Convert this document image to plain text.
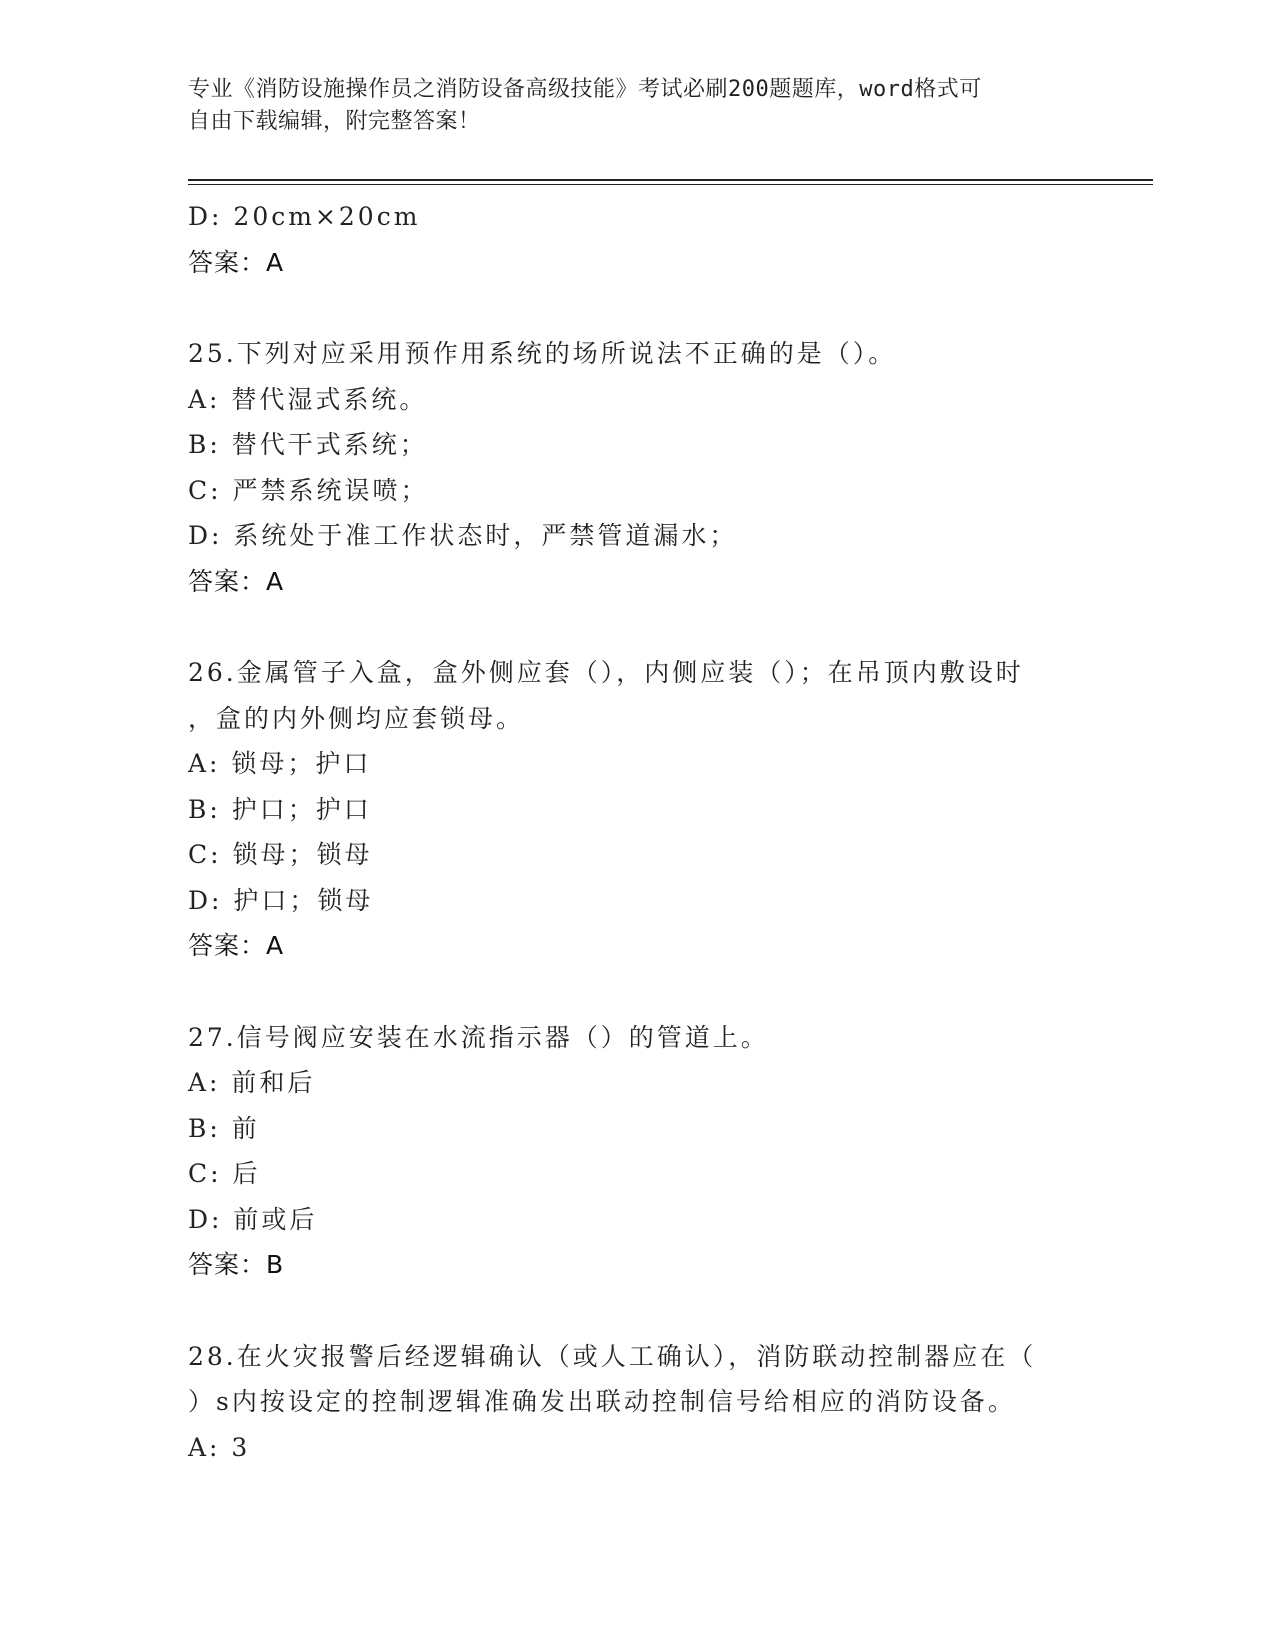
专业《消防设施操作员之消防设备高级技能》考试必刷200题题库，word格式可
自由下载编辑，附完整答案！
D: 20cm×20cm
答案：A
25.下列对应采用预作用系统的场所说法不正确的是（）。
A: 替代湿式系统。
B: 替代干式系统；
C: 严禁系统误喷；
D: 系统处于准工作状态时，严禁管道漏水；
答案：A
26.金属管子入盒，盒外侧应套（），内侧应装（）；在吊顶内敷设时
，盒的内外侧均应套锁母。
A: 锁母；护口
B: 护口；护口
C: 锁母；锁母
D: 护口；锁母
答案：A
27.信号阀应安装在水流指示器（）的管道上。
A: 前和后
B: 前
C: 后
D: 前或后
答案：B
28.在火灾报警后经逻辑确认（或人工确认），消防联动控制器应在（
）s内按设定的控制逻辑准确发出联动控制信号给相应的消防设备。
A: 3
